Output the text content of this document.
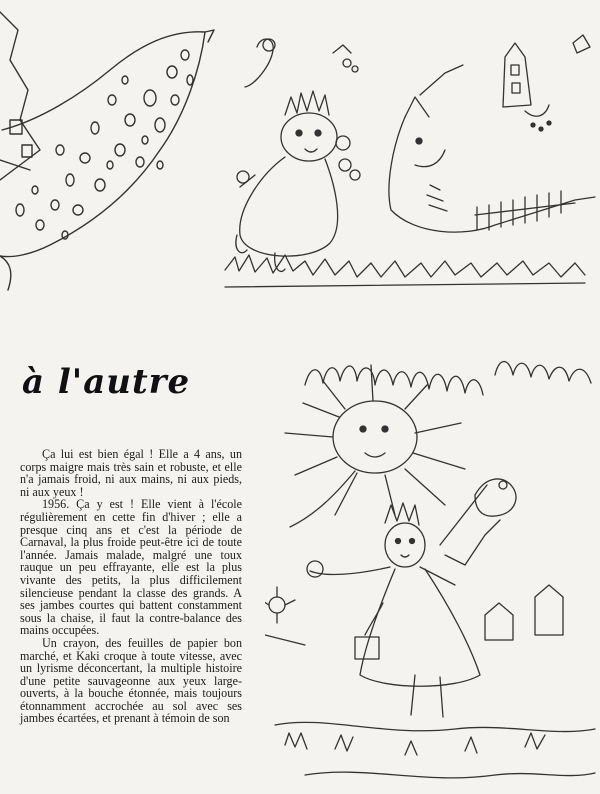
à l'autre

Ça lui est bien égal ! Elle a 4 ans, un corps maigre mais très sain et robuste, et elle n'a jamais froid, ni aux mains, ni aux pieds, ni aux yeux !

1956. Ça y est ! Elle vient à l'école régulièrement en cette fin d'hiver ; elle a presque cinq ans et c'est la période de Carnaval, la plus froide peut-être ici de toute l'année. Jamais malade, malgré une toux rauque un peu effrayante, elle est la plus vivante des petits, la plus difficilement silencieuse pendant la classe des grands. A ses jambes courtes qui battent constamment sous la chaise, il faut la contre-balance des mains occupées.

Un crayon, des feuilles de papier bon marché, et Kaki croque à toute vitesse, avec un lyrisme déconcertant, la multiple histoire d'une petite sauvageonne aux yeux large-ouverts, à la bouche étonnée, mais toujours étonnamment accrochée au sol avec ses jambes écartées, et prenant à témoin de son
